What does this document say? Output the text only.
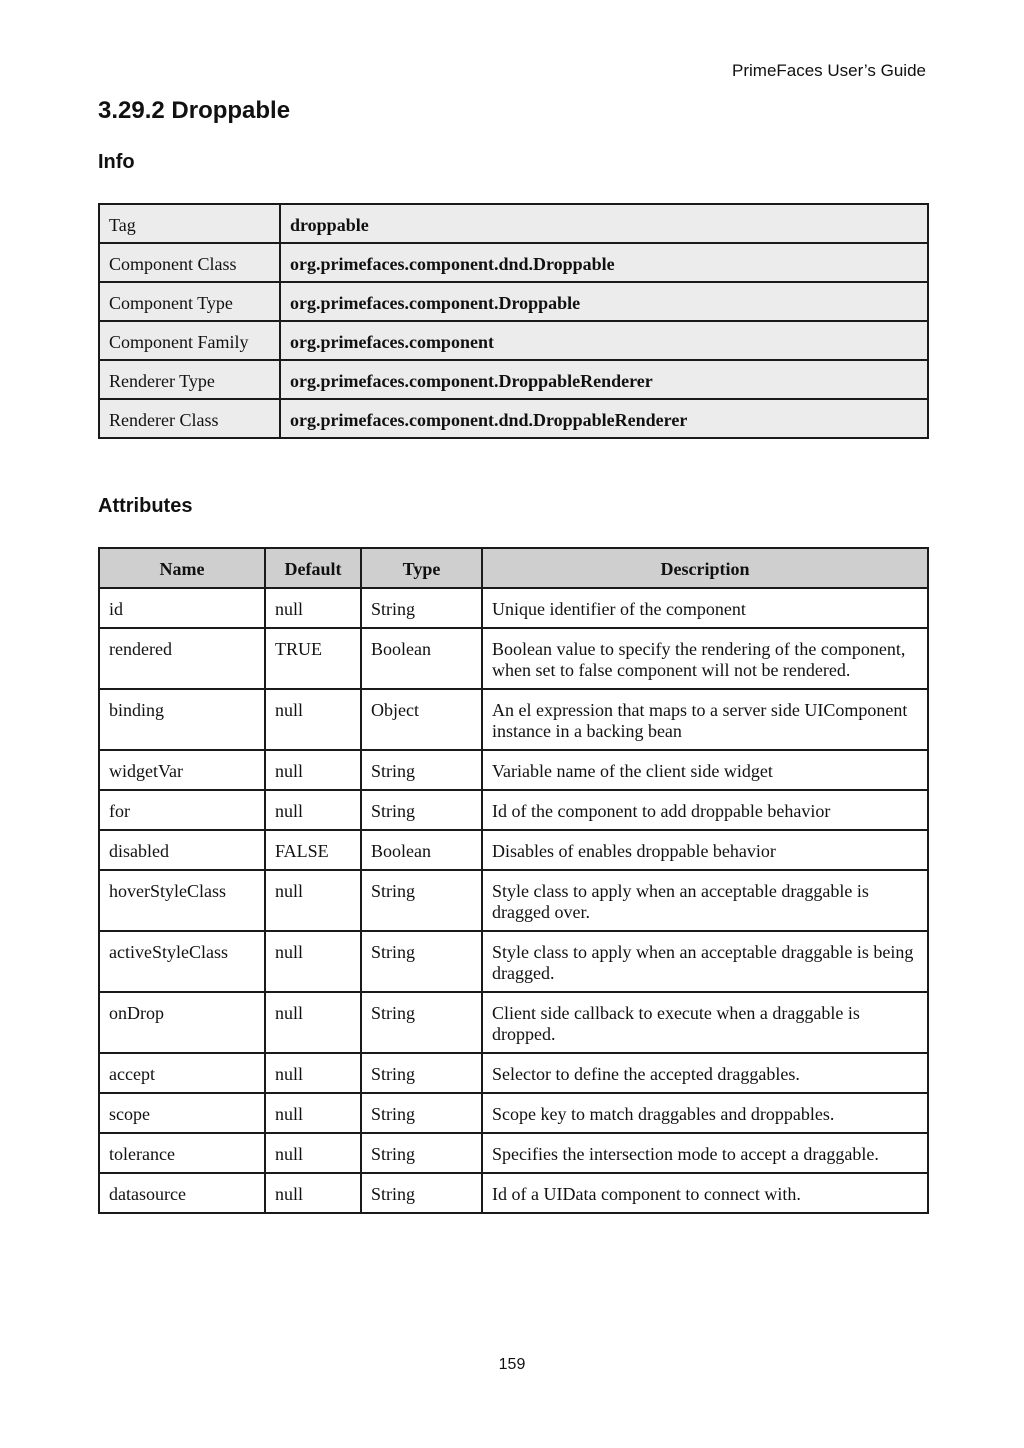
PrimeFaces User’s Guide
3.29.2 Droppable
Info
Tag	droppable
Component Class	org.primefaces.component.dnd.Droppable
Component Type	org.primefaces.component.Droppable
Component Family	org.primefaces.component
Renderer Type	org.primefaces.component.DroppableRenderer
Renderer Class	org.primefaces.component.dnd.DroppableRenderer
Attributes
Name	Default	Type	Description
id	null	String	Unique identifier of the component
rendered	TRUE	Boolean	Boolean value to specify the rendering of the component, when set to false component will not be rendered.
binding	null	Object	An el expression that maps to a server side UIComponent instance in a backing bean
widgetVar	null	String	Variable name of the client side widget
for	null	String	Id of the component to add droppable behavior
disabled	FALSE	Boolean	Disables of enables droppable behavior
hoverStyleClass	null	String	Style class to apply when an acceptable draggable is dragged over.
activeStyleClass	null	String	Style class to apply when an acceptable draggable is being dragged.
onDrop	null	String	Client side callback to execute when a draggable is dropped.
accept	null	String	Selector to define the accepted draggables.
scope	null	String	Scope key to match draggables and droppables.
tolerance	null	String	Specifies the intersection mode to accept a draggable.
datasource	null	String	Id of a UIData component to connect with.
159
